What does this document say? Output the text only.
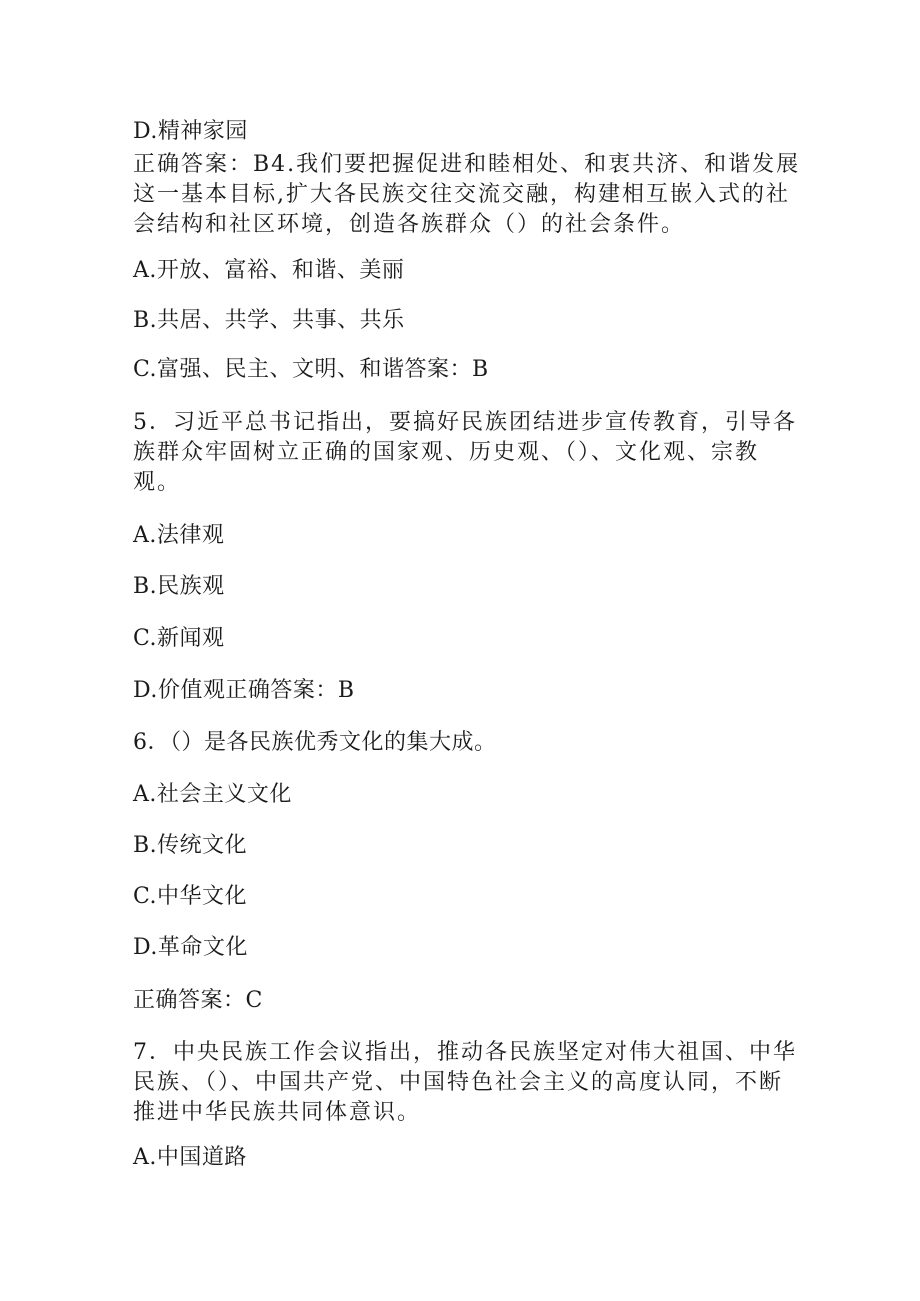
D.精神家园
正确答案：B4.我们要把握促进和睦相处、和衷共济、和谐发展
这一基本目标,扩大各民族交往交流交融，构建相互嵌入式的社
会结构和社区环境，创造各族群众（）的社会条件。
A.开放、富裕、和谐、美丽
B.共居、共学、共事、共乐
C.富强、民主、文明、和谐答案：B
5．习近平总书记指出，要搞好民族团结进步宣传教育，引导各
族群众牢固树立正确的国家观、历史观、（）、文化观、宗教
观。
A.法律观
B.民族观
C.新闻观
D.价值观正确答案：B
6．（）是各民族优秀文化的集大成。
A.社会主义文化
B.传统文化
C.中华文化
D.革命文化
正确答案：C
7．中央民族工作会议指出，推动各民族坚定对伟大祖国、中华
民族、（）、中国共产党、中国特色社会主义的高度认同，不断
推进中华民族共同体意识。
A.中国道路
